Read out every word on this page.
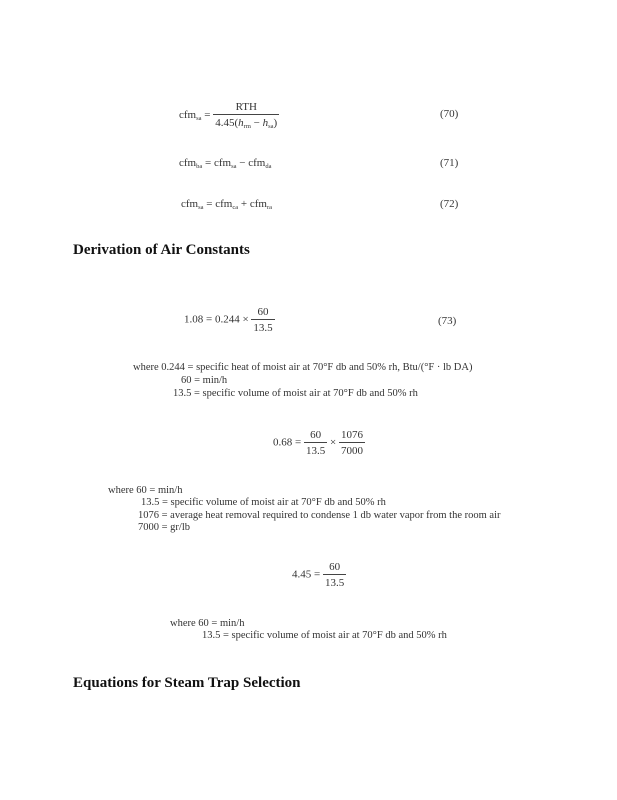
$cfm_{sa} = \frac{\text{RTH}}{4.45(h_{rm} - h_{sa})}$	(70)
cfm$_{ba}$ = cfm$_{sa}$ − cfm$_{da}$	(71)
cfm$_{sa}$ = cfm$_{ca}$ + cfm$_{ra}$	(72)
Derivation of Air Constants
$1.08 = 0.244 \times \frac{60}{13.5}$	(73)
where 0.244 = specific heat of moist air at 70°F db and 50% rh, Btu/(°F · lb DA)
60 = min/h
13.5 = specific volume of moist air at 70°F db and 50% rh
$0.68 = \frac{60}{13.5} \times \frac{1076}{7000}$
where 60 = min/h
13.5 = specific volume of moist air at 70°F db and 50% rh
1076 = average heat removal required to condense 1 db water vapor from the room air
7000 = gr/lb
$4.45 = \frac{60}{13.5}$
where 60 = min/h
13.5 = specific volume of moist air at 70°F db and 50% rh
Equations for Steam Trap Selection
